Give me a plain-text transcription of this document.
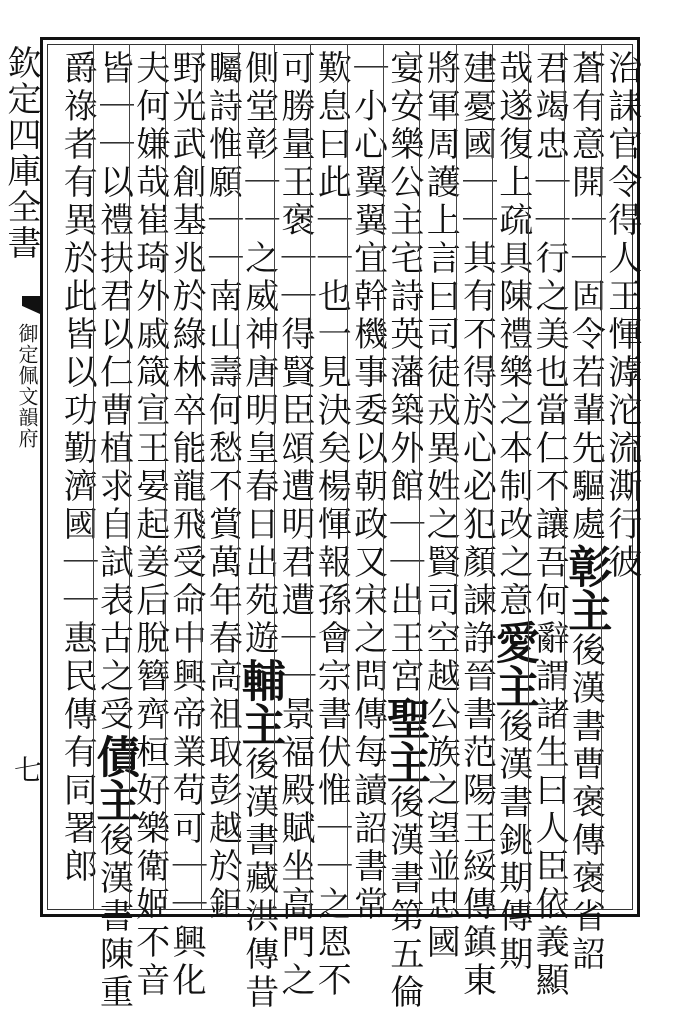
欽定四庫全書
御定佩文韻府
七
治誄官令得人王惲滹沱流澌行彼
蒼有意開｜｜固令若輩先驅處彰主後漢書曹褒傳褒省詔
君竭忠｜｜行之美也當仁不讓吾何辭謂諸生曰人臣依義顯
哉遂復上疏具陳禮樂之本制改之意愛主後漢書銚期傳期
建憂國｜｜其有不得於心必犯顏諫諍晉書范陽王綏傳鎮東
將軍周護上言曰司徒戎異姓之賢司空越公族之望並忠國
宴安樂公主宅詩英藩築外館｜｜出王宮聖主後漢書第五倫
｜小心翼翼宜幹機事委以朝政又宋之問傳每讀詔書常
歎息曰此｜｜也一見決矣楊惲報孫會宗書伏惟｜｜之恩不
可勝量王褒｜｜得賢臣頌遭明君遭｜｜景福殿賦坐高門之
側堂彰｜｜之威神唐明皇春日出苑遊輔主後漢書藏洪傳昔
矚詩惟願｜｜南山壽何愁不賞萬年春高祖取彭越於鉅
野光武創基兆於綠林卒能龍飛受命中興帝業苟可｜｜興化
夫何嫌哉崔琦外戚箴宣王晏起姜后脫簪齊桓好樂衛姬不音
皆｜｜以禮扶君以仁曹植求自試表古之受債主後漢書陳重
爵祿者有異於此皆以功勤濟國｜｜惠民傳有同署郎
